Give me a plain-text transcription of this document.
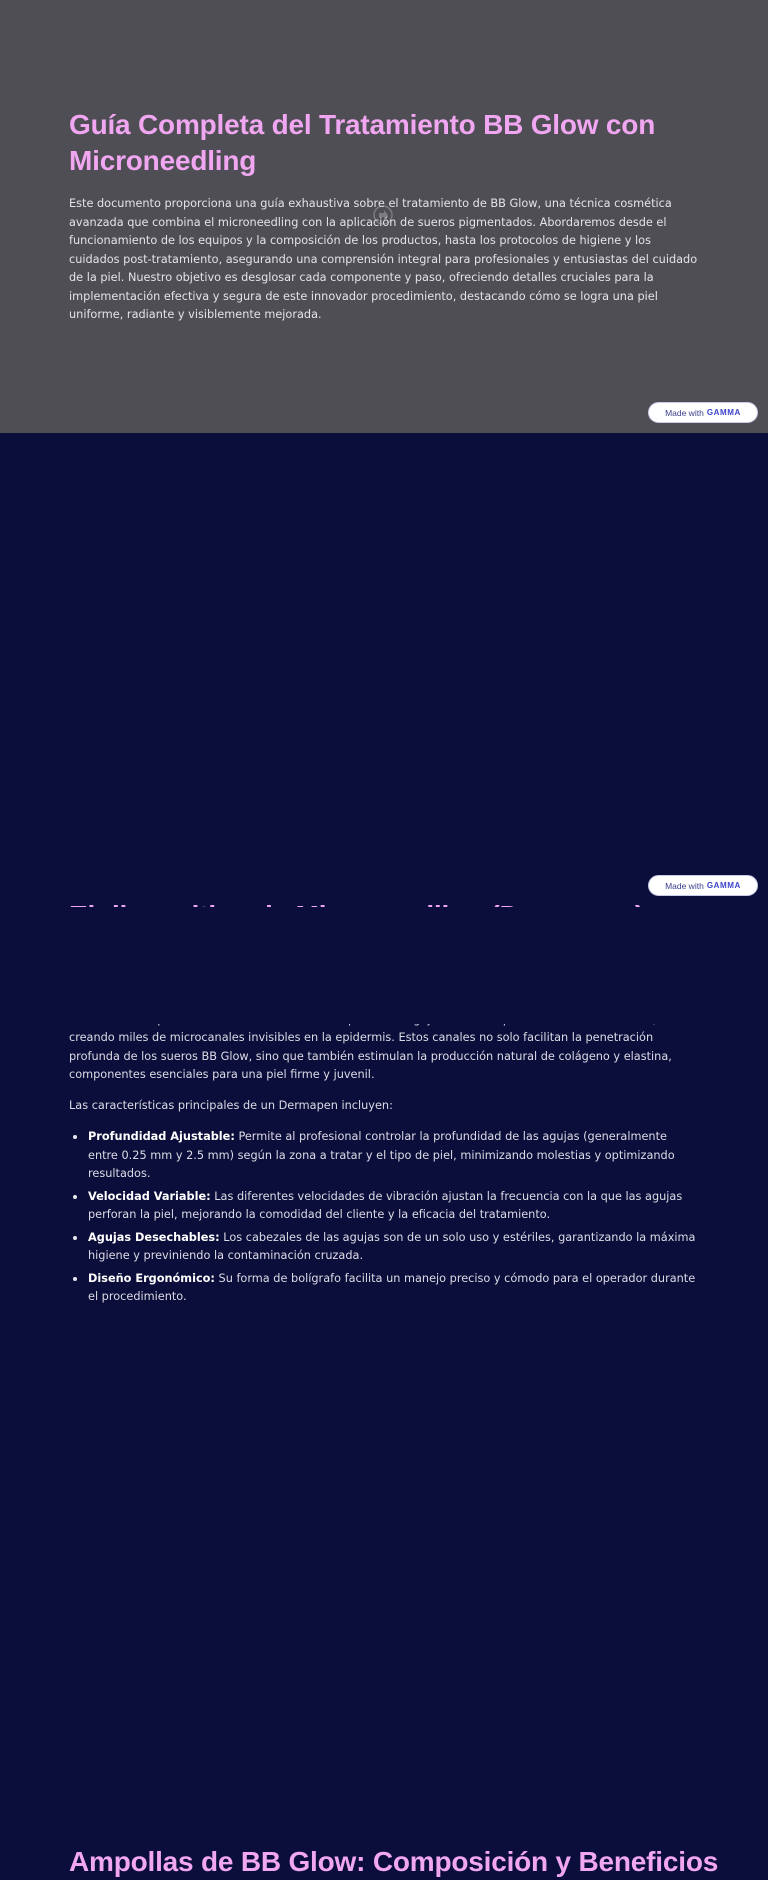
Guía Completa del Tratamiento BB Glow con Microneedling

Este documento proporciona una guía exhaustiva sobre el tratamiento de BB Glow, una técnica cosmética avanzada que combina el microneedling con la aplicación de sueros pigmentados. Abordaremos desde el funcionamiento de los equipos y la composición de los productos, hasta los protocolos de higiene y los cuidados post-tratamiento, asegurando una comprensión integral para profesionales y entusiastas del cuidado de la piel. Nuestro objetivo es desglosar cada componente y paso, ofreciendo detalles cruciales para la implementación efectiva y segura de este innovador procedimiento, destacando cómo se logra una piel uniforme, radiante y visiblemente mejorada.

Made with GAMMA

creando miles de microcanales invisibles en la epidermis. Estos canales no solo facilitan la penetración profunda de los sueros BB Glow, sino que también estimulan la producción natural de colágeno y elastina, componentes esenciales para una piel firme y juvenil.

Las características principales de un Dermapen incluyen:

Profundidad Ajustable: Permite al profesional controlar la profundidad de las agujas (generalmente entre 0.25 mm y 2.5 mm) según la zona a tratar y el tipo de piel, minimizando molestias y optimizando resultados.
Velocidad Variable: Las diferentes velocidades de vibración ajustan la frecuencia con la que las agujas perforan la piel, mejorando la comodidad del cliente y la eficacia del tratamiento.
Agujas Desechables: Los cabezales de las agujas son de un solo uso y estériles, garantizando la máxima higiene y previniendo la contaminación cruzada.
Diseño Ergonómico: Su forma de bolígrafo facilita un manejo preciso y cómodo para el operador durante el procedimiento.
Made with GAMMA
Ampollas de BB Glow: Composición y Beneficios
